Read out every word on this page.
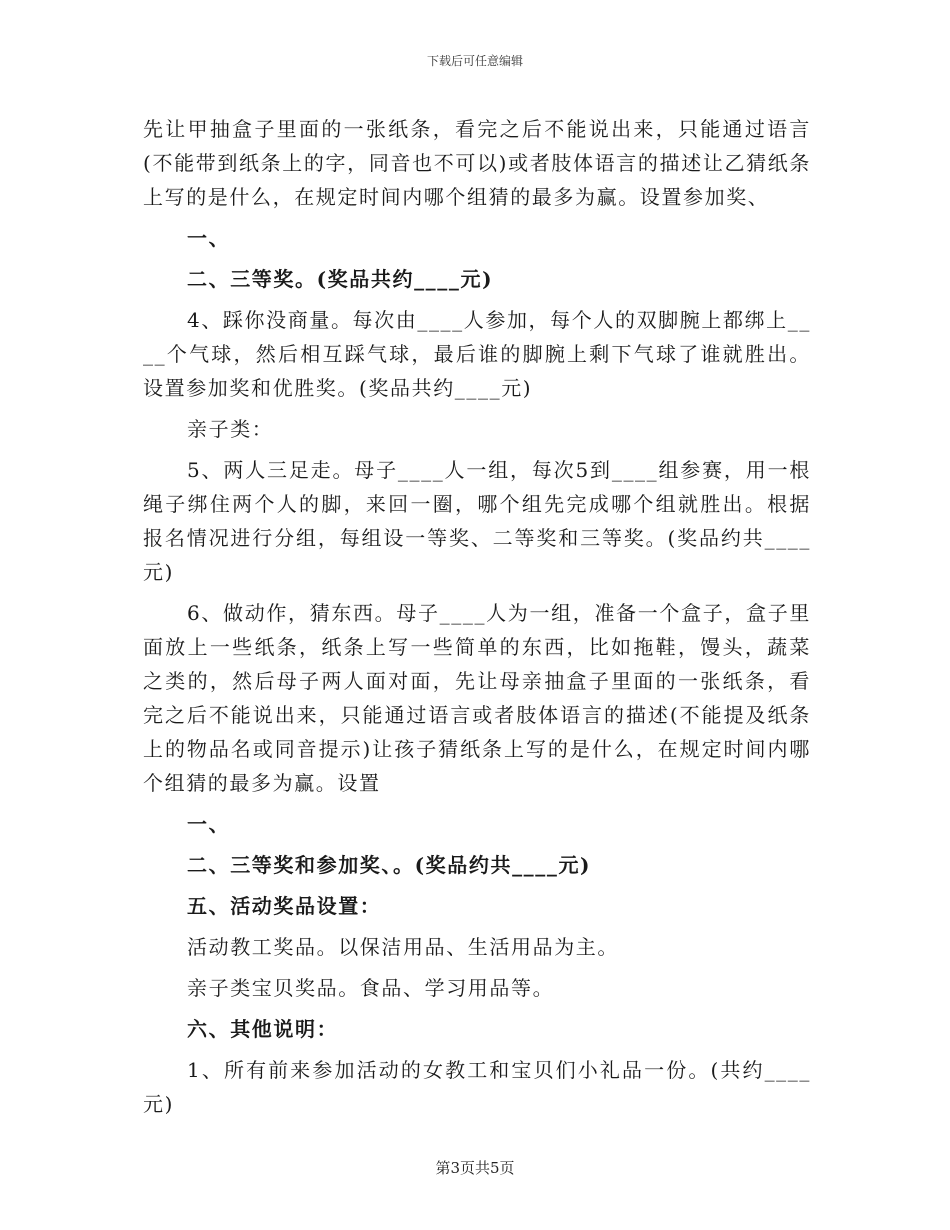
下载后可任意编辑

先让甲抽盒子里面的一张纸条，看完之后不能说出来，只能通过语言(不能带到纸条上的字，同音也不可以)或者肢体语言的描述让乙猜纸条上写的是什么，在规定时间内哪个组猜的最多为赢。设置参加奖、

一、

二、三等奖。(奖品共约____元)

4、踩你没商量。每次由____人参加，每个人的双脚腕上都绑上____个气球，然后相互踩气球，最后谁的脚腕上剩下气球了谁就胜出。设置参加奖和优胜奖。(奖品共约____元)

亲子类：

5、两人三足走。母子____人一组，每次5到____组参赛，用一根绳子绑住两个人的脚，来回一圈，哪个组先完成哪个组就胜出。根据报名情况进行分组，每组设一等奖、二等奖和三等奖。(奖品约共____元)

6、做动作，猜东西。母子____人为一组，准备一个盒子，盒子里面放上一些纸条，纸条上写一些简单的东西，比如拖鞋，馒头，蔬菜之类的，然后母子两人面对面，先让母亲抽盒子里面的一张纸条，看完之后不能说出来，只能通过语言或者肢体语言的描述(不能提及纸条上的物品名或同音提示)让孩子猜纸条上写的是什么，在规定时间内哪个组猜的最多为赢。设置

一、

二、三等奖和参加奖、。(奖品约共____元)

五、活动奖品设置：

活动教工奖品。以保洁用品、生活用品为主。

亲子类宝贝奖品。食品、学习用品等。

六、其他说明：

1、所有前来参加活动的女教工和宝贝们小礼品一份。(共约____元)

第3页共5页
